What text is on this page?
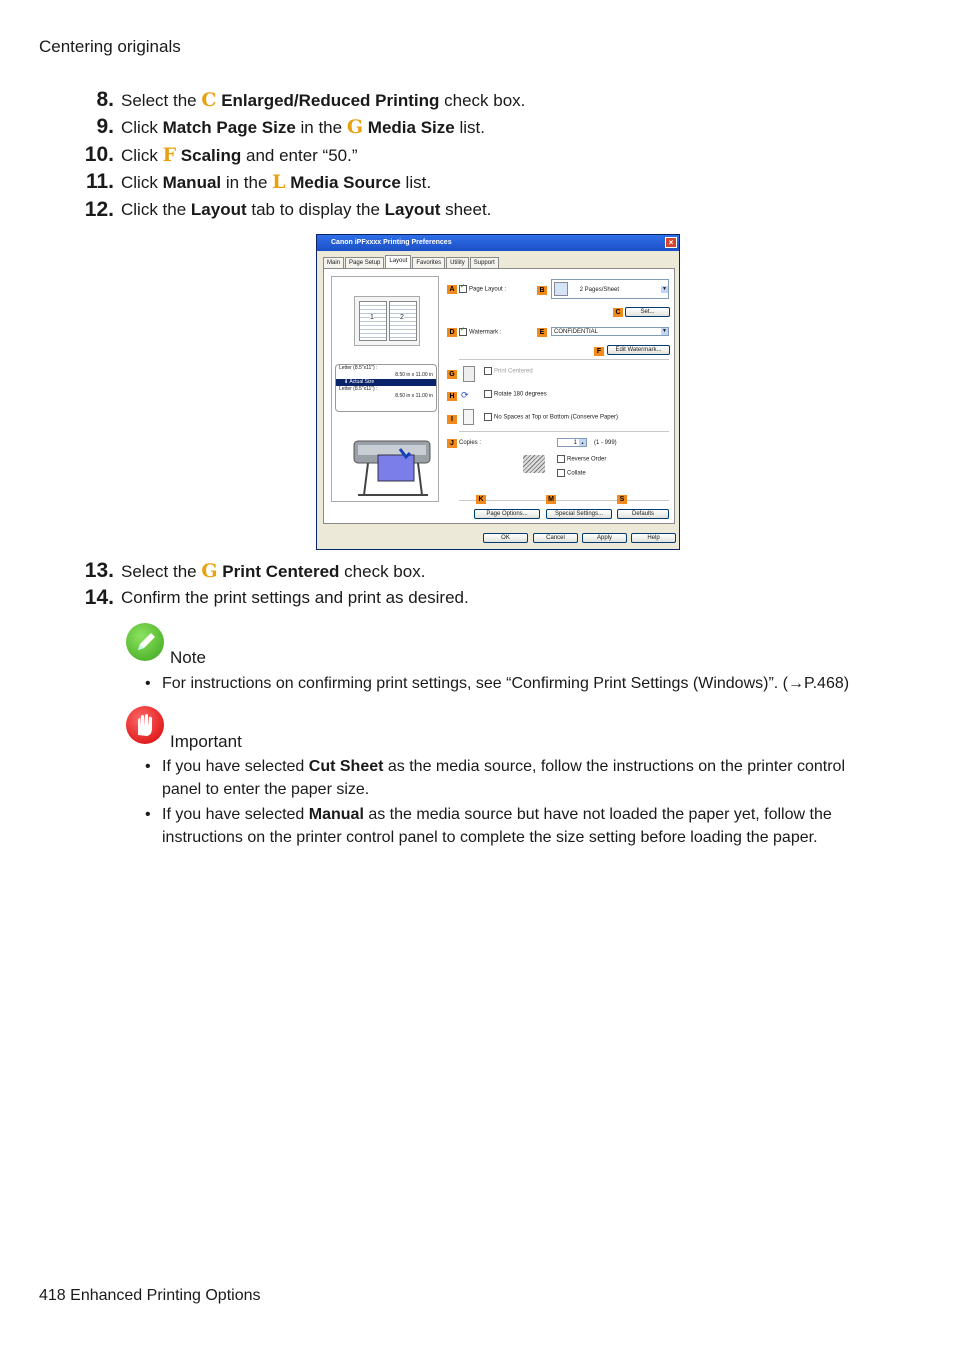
Centering originals
8. Select the C Enlarged/Reduced Printing check box.
9. Click Match Page Size in the G Media Size list.
10. Click F Scaling and enter “50.”
11. Click Manual in the L Media Source list.
12. Click the Layout tab to display the Layout sheet.
Canon iPFxxxx Printing Preferences	×
Main	Page Setup	Layout	Favorites	Utility	Support
1	2
Letter (8.5"x11") :
8.50 in x 11.00 in
⬇ Actual Size
Letter (8.5"x11") :
8.50 in x 11.00 in
A ✓	Page Layout :	B	2 Pages/Sheet	▼
C	Set...
D ✓	Watermark :	E	CONFIDENTIAL	▼
F	Edit Watermark...
G	Print Centered
H ⟳	Rotate 180 degrees
I	No Spaces at Top or Bottom (Conserve Paper)
J Copies :	1	▴	(1 - 999)
Reverse Order
Collate
K	M	S
Page Options...	Special Settings...	Defaults
OK	Cancel	Apply	Help
13. Select the G Print Centered check box.
14. Confirm the print settings and print as desired.
Note
• For instructions on confirming print settings, see “Confirming Print Settings (Windows)”. (→P.468)
Important
• If you have selected Cut Sheet as the media source, follow the instructions on the printer control
panel to enter the paper size.
• If you have selected Manual as the media source but have not loaded the paper yet, follow the
instructions on the printer control panel to complete the size setting before loading the paper.
418 Enhanced Printing Options
